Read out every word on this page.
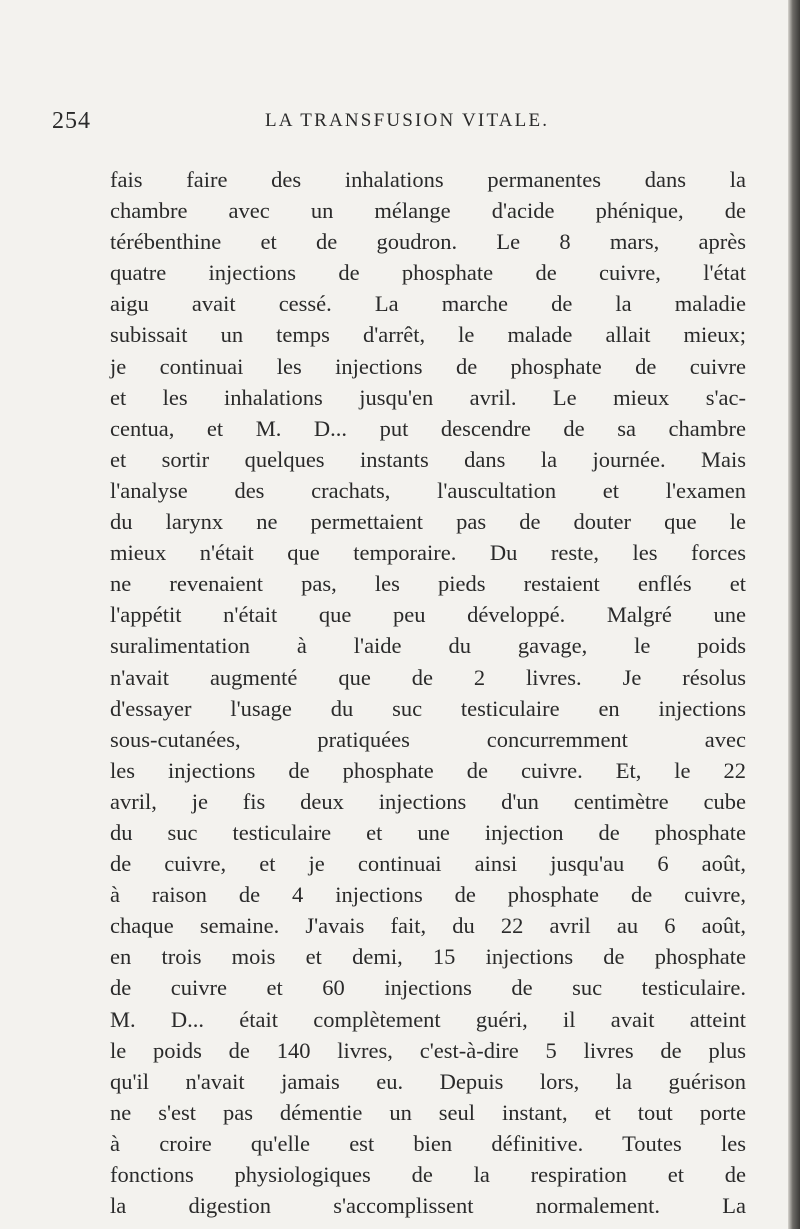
254	LA TRANSFUSION VITALE.
fais faire des inhalations permanentes dans la
chambre avec un mélange d'acide phénique, de
térébenthine et de goudron. Le 8 mars, après
quatre injections de phosphate de cuivre, l'état
aigu avait cessé. La marche de la maladie
subissait un temps d'arrêt, le malade allait mieux;
je continuai les injections de phosphate de cuivre
et les inhalations jusqu'en avril. Le mieux s'ac-
centua, et M. D... put descendre de sa chambre
et sortir quelques instants dans la journée. Mais
l'analyse des crachats, l'auscultation et l'examen
du larynx ne permettaient pas de douter que le
mieux n'était que temporaire. Du reste, les forces
ne revenaient pas, les pieds restaient enflés et
l'appétit n'était que peu développé. Malgré une
suralimentation à l'aide du gavage, le poids
n'avait augmenté que de 2 livres. Je résolus
d'essayer l'usage du suc testiculaire en injections
sous-cutanées, pratiquées concurremment avec
les injections de phosphate de cuivre. Et, le 22
avril, je fis deux injections d'un centimètre cube
du suc testiculaire et une injection de phosphate
de cuivre, et je continuai ainsi jusqu'au 6 août,
à raison de 4 injections de phosphate de cuivre,
chaque semaine. J'avais fait, du 22 avril au 6 août,
en trois mois et demi, 15 injections de phosphate
de cuivre et 60 injections de suc testiculaire.
M. D... était complètement guéri, il avait atteint
le poids de 140 livres, c'est-à-dire 5 livres de plus
qu'il n'avait jamais eu. Depuis lors, la guérison
ne s'est pas démentie un seul instant, et tout porte
à croire qu'elle est bien définitive. Toutes les
fonctions physiologiques de la respiration et de
la digestion s'accomplissent normalement. La
